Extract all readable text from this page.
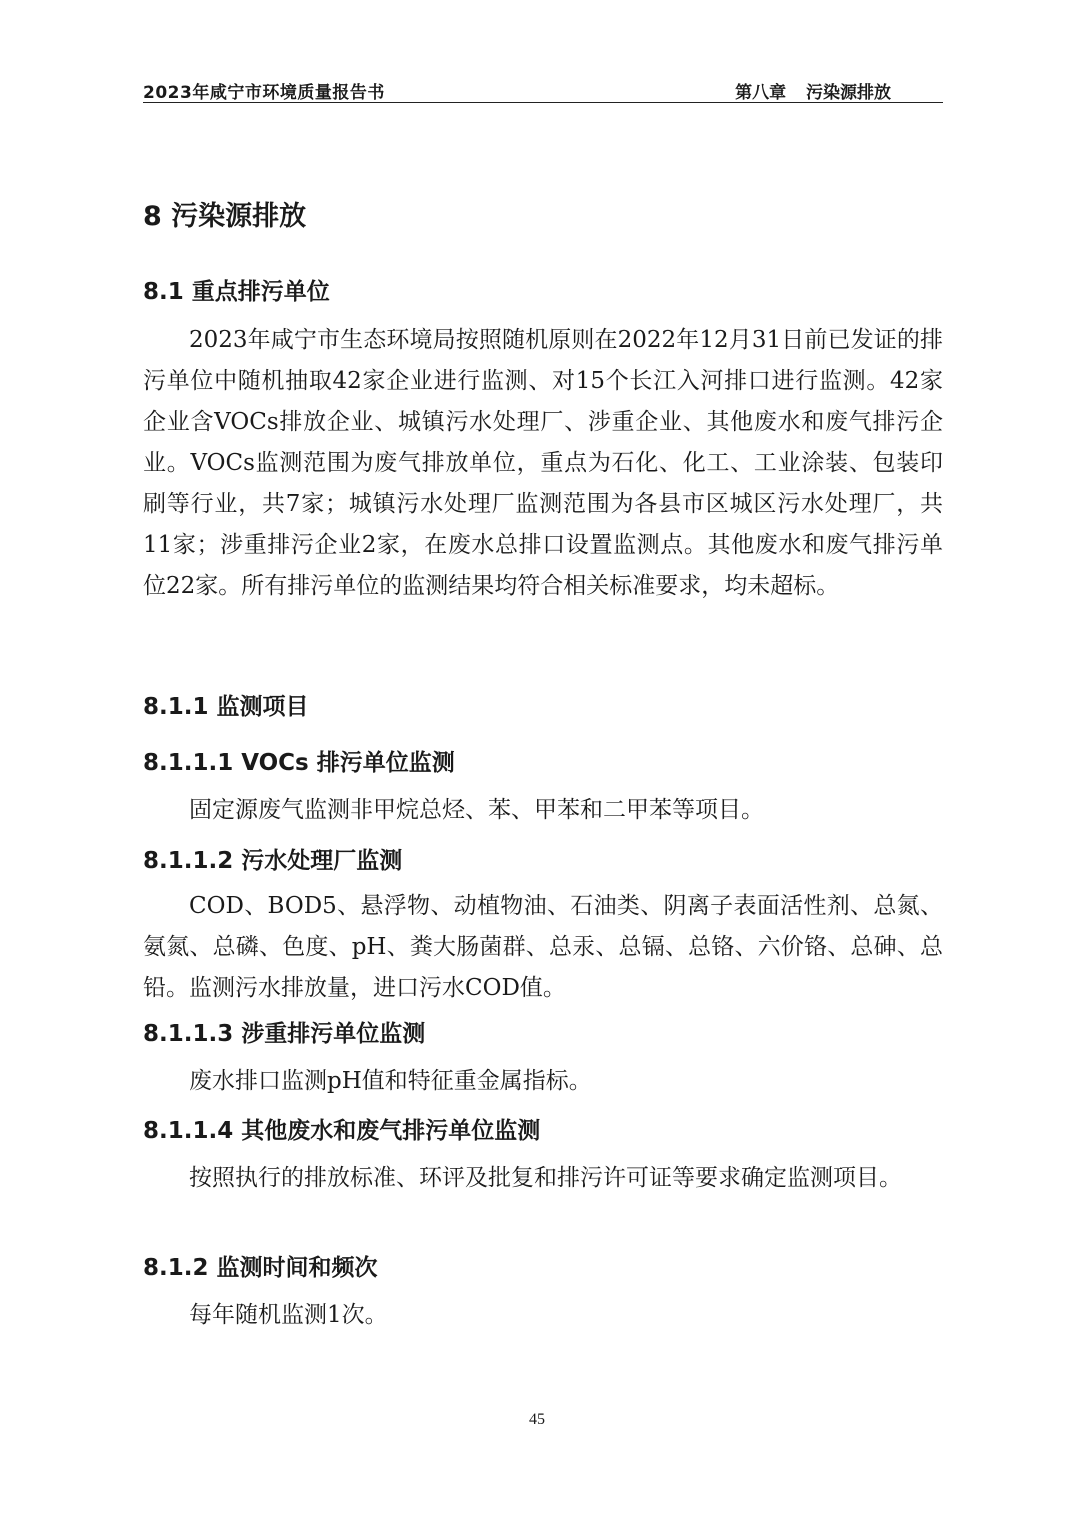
2023年咸宁市环境质量报告书	第八章 污染源排放
8 污染源排放
8.1 重点排污单位

2023年咸宁市生态环境局按照随机原则在2022年12月31日前已发证的排污单位中随机抽取42家企业进行监测、对15个长江入河排口进行监测。42家企业含VOCs排放企业、城镇污水处理厂、涉重企业、其他废水和废气排污企业。VOCs监测范围为废气排放单位，重点为石化、化工、工业涂装、包装印刷等行业，共7家；城镇污水处理厂监测范围为各县市区城区污水处理厂，共11家；涉重排污企业2家，在废水总排口设置监测点。其他废水和废气排污单位22家。所有排污单位的监测结果均符合相关标准要求，均未超标。

8.1.1 监测项目
8.1.1.1 VOCs 排污单位监测

固定源废气监测非甲烷总烃、苯、甲苯和二甲苯等项目。

8.1.1.2 污水处理厂监测

COD、BOD5、悬浮物、动植物油、石油类、阴离子表面活性剂、总氮、氨氮、总磷、色度、pH、粪大肠菌群、总汞、总镉、总铬、六价铬、总砷、总铅。监测污水排放量，进口污水COD值。

8.1.1.3 涉重排污单位监测

废水排口监测pH值和特征重金属指标。

8.1.1.4 其他废水和废气排污单位监测

按照执行的排放标准、环评及批复和排污许可证等要求确定监测项目。

8.1.2 监测时间和频次

每年随机监测1次。

45
